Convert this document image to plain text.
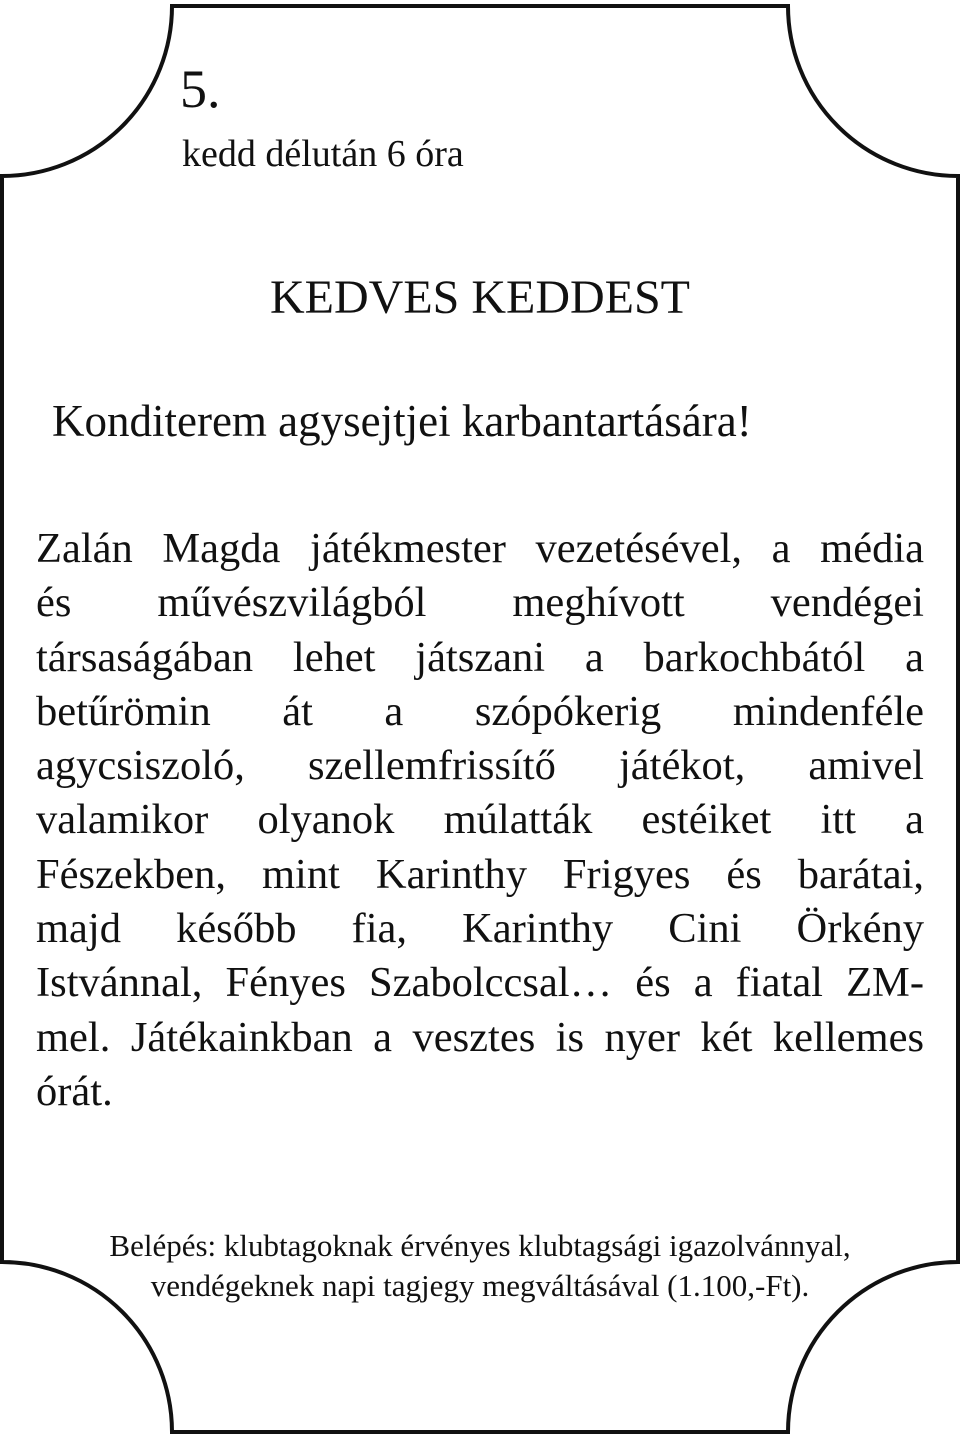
5.
kedd délután 6 óra
KEDVES KEDDEST
Konditerem agysejtjei karbantartására!
Zalán Magda játékmester vezetésével, a média
és művészvilágból meghívott vendégei
társaságában lehet játszani a barkochbától a
betűrömin át a szópókerig mindenféle
agycsiszoló, szellemfrissítő játékot, amivel
valamikor olyanok múlatták estéiket itt a
Fészekben, mint Karinthy Frigyes és barátai,
majd később fia, Karinthy Cini Örkény
Istvánnal, Fényes Szabolccsal… és a fiatal ZM-
mel. Játékainkban a vesztes is nyer két kellemes
órát.
Belépés: klubtagoknak érvényes klubtagsági igazolvánnyal,
vendégeknek napi tagjegy megváltásával (1.100,-Ft).
